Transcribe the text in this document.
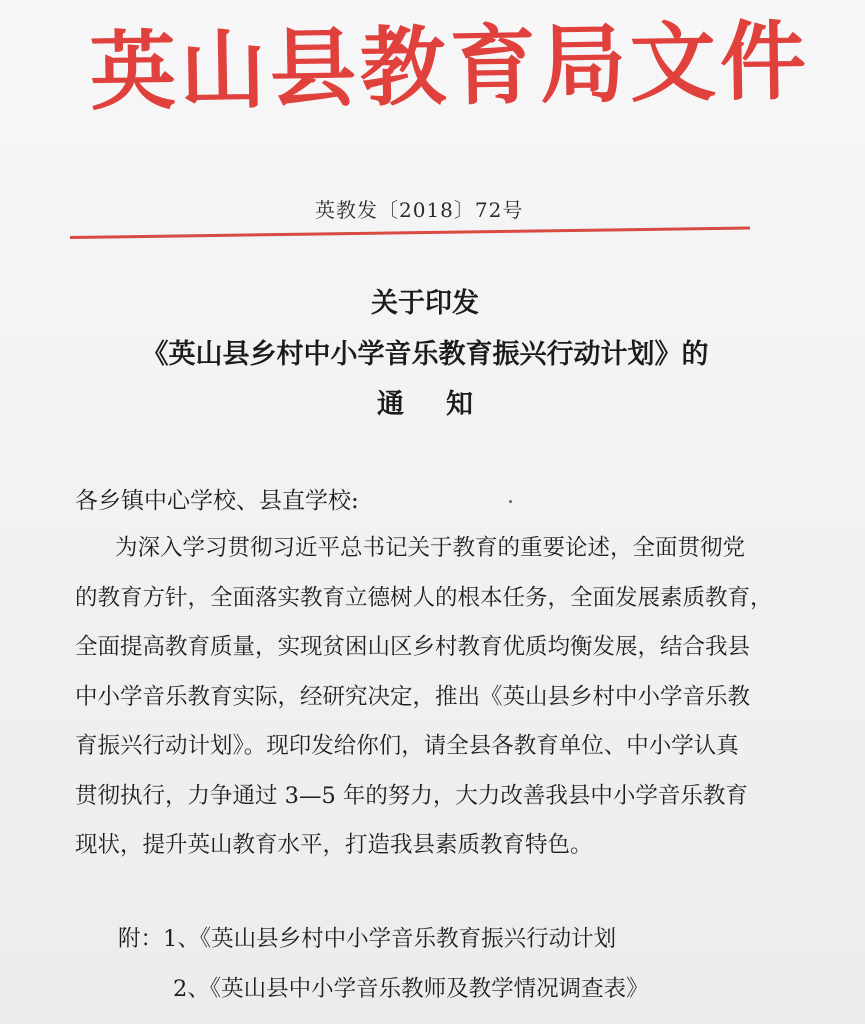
英山县教育局文件
英教发〔2018〕72号
关于印发
《英山县乡村中小学音乐教育振兴行动计划》的
通知
各乡镇中心学校、县直学校:
为深入学习贯彻习近平总书记关于教育的重要论述，全面贯彻党
的教育方针，全面落实教育立德树人的根本任务，全面发展素质教育，
全面提高教育质量，实现贫困山区乡村教育优质均衡发展，结合我县
中小学音乐教育实际，经研究决定，推出《英山县乡村中小学音乐教
育振兴行动计划》。现印发给你们，请全县各教育单位、中小学认真
贯彻执行，力争通过 3—5 年的努力，大力改善我县中小学音乐教育
现状，提升英山教育水平，打造我县素质教育特色。
附：1、《英山县乡村中小学音乐教育振兴行动计划
2、《英山县中小学音乐教师及教学情况调查表》
